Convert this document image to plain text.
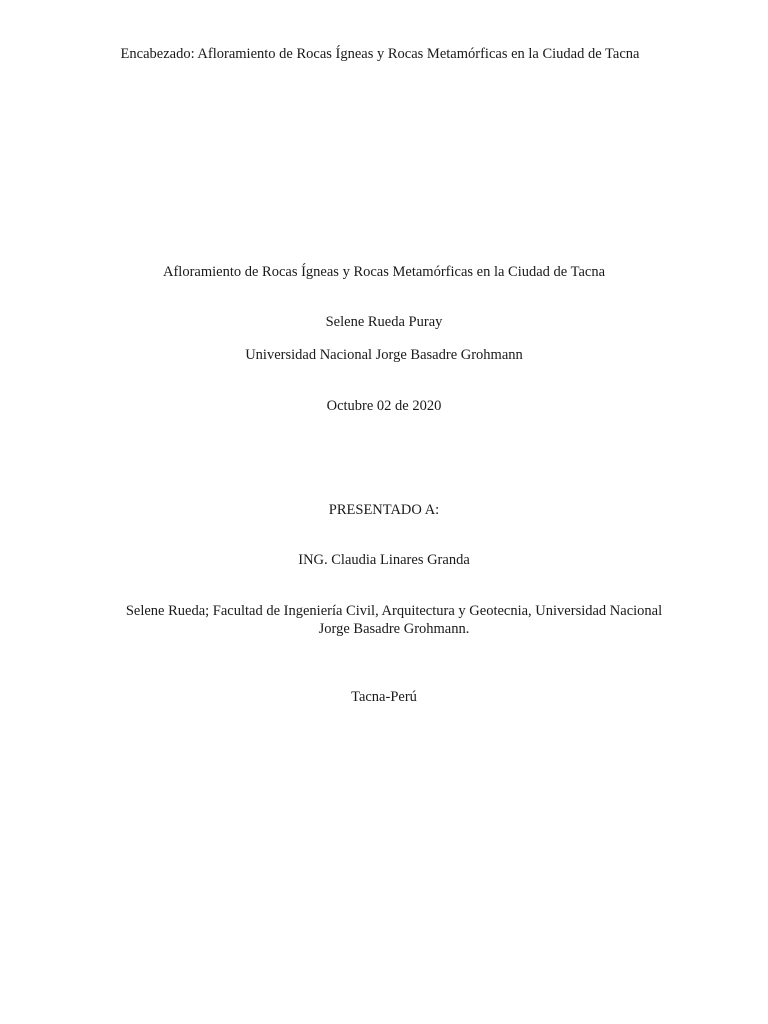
Encabezado: Afloramiento de Rocas Ígneas y Rocas Metamórficas en la Ciudad de Tacna
Afloramiento de Rocas Ígneas y Rocas Metamórficas en la Ciudad de Tacna
Selene Rueda Puray
Universidad Nacional Jorge Basadre Grohmann
Octubre 02 de 2020
PRESENTADO A:
ING. Claudia Linares Granda
Selene Rueda; Facultad de Ingeniería Civil, Arquitectura y Geotecnia, Universidad Nacional
Jorge Basadre Grohmann.
Tacna-Perú
